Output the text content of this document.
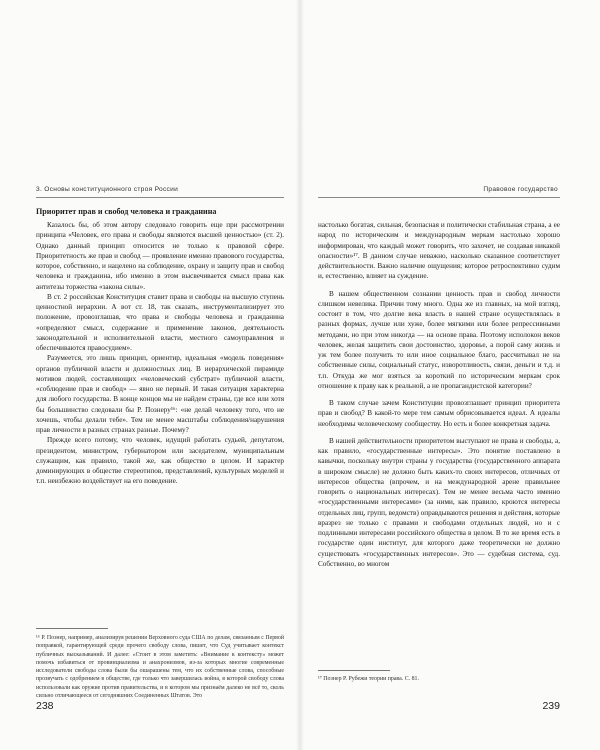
3. Основы конституционного строя России
Приоритет прав и свобод человека и гражданина

Казалось бы, об этом автору следовало говорить еще при рассмотрении принципа «Человек, его права и свободы являются высшей ценностью» (ст. 2). Однако данный принцип относится не только к правовой сфере. Приоритетность же прав и свобод — проявление именно правового государства, которое, собственно, и нацелено на соблюдение, охрану и защиту прав и свобод человека и гражданина, ибо именно в этом высвечивается смысл права как антитезы торжества «закона силы».

В ст. 2 российская Конституция ставит права и свободы на высшую ступень ценностной иерархии. А вот ст. 18, так сказать, инструментализирует это положение, провозглашая, что права и свободы человека и гражданина «определяют смысл, содержание и применение законов, деятельность законодательной и исполнительной власти, местного самоуправления и обеспечиваются правосудием».

Разумеется, это лишь принцип, ориентир, идеальная «модель поведения» органов публичной власти и должностных лиц. В иерархической пирамиде мотивов людей, составляющих «человеческий субстрат» публичной власти, «соблюдение прав и свобод» — явно не первый. И такая ситуация характерна для любого государства. В конце концов мы не найдем страны, где все или хотя бы большинство следовали бы Р. Познеру¹⁶: «не делай человеку того, что не хочешь, чтобы делали тебе». Тем не менее масштабы соблюдения/нарушения прав личности в разных странах разные. Почему?

Прежде всего потому, что человек, идущий работать судьей, депутатом, президентом, министром, губернатором или заседателем, муниципальным служащим, как правило, такой же, как общество в целом. И характер доминирующих в обществе стереотипов, представлений, культурных моделей и т.п. неизбежно воздействует на его поведение.

¹⁶ Р. Познер, например, анализируя решения Верховного суда США по делам, связанным с Первой поправкой, гарантирующей среди прочего свободу слова, пишет, что Суд учитывает контекст публичных высказываний. И далее: «Стоит в этом заметить: «Внимание к контексту» может помочь избавиться от провинциализма и анахронизмов, из-за которых многие современные исследователи свободы слова были бы ошарашены тем, что их собственные слова, способные прозвучать с одобрением в обществе, где только что завершилась война, в которой свободу слова использовали как оружие против правительства, и в котором мы признаём далеко не всё то, сколь сильно отличающееся от сегодняшних Соединенных Штатов. Это
238
Правовое государство

настолько богатая, сильная, безопасная и политически стабильная страна, а ее народ по историческим и международным меркам настолько хорошо информирован, что каждый может говорить, что захочет, не создавая никакой опасности»¹⁷. В данном случае неважно, насколько сказанное соответствует действительности. Важно наличие ощущения; которое ретроспективно судим и, естественно, влияет на суждение.

В нашем общественном сознании ценность прав и свобод личности слишком невелика. Причин тому много. Одна же из главных, на мой взгляд, состоит в том, что долгие века власть в нашей стране осуществлялась в разных формах, лучше или хуже, более мягкими или более репрессивными методами, но при этом никогда — на основе права. Поэтому исполокон веков человек, желая защитить свои достоинство, здоровье, а порой саму жизнь и уж тем более получить то или иное социальное благо, рассчитывал не на собственные силы, социальный статус, изворотливость, связи, деньги и т.д. и т.п. Откуда же мог взяться за короткий по историческим меркам срок отношение к праву как к реальной, а не пропагандистской категории?

В таком случае зачем Конституции провозглашает принцип приоритета прав и свобод? В какой-то мере тем самым обрисовывается идеал. А идеалы необходимы человеческому сообществу. Но есть и более конкретная задача.

В нашей действительности приоритетом выступают не права и свободы, а, как правило, «государственные интересы». Это понятие поставлено в кавычки, поскольку внутри страны у государства (государственного аппарата в широком смысле) не должно быть каких-то своих интересов, отличных от интересов общества (впрочем, и на международной арене правильнее говорить о национальных интересах). Тем не менее весьма часто именно «государственными интересами» (за ними, как правило, кроются интересы отдельных лиц, групп, ведомств) оправдываются решения и действия, которые вразрез не только с правами и свободами отдельных людей, но и с подлинными интересами российского общества в целом. В то же время есть в государстве один институт, для которого даже теоретически не должно существовать «государственных интересов». Это — судебная система, суд. Собственно, во многом

¹⁷ Познер Р. Рубежи теории права. С. 81.
239
